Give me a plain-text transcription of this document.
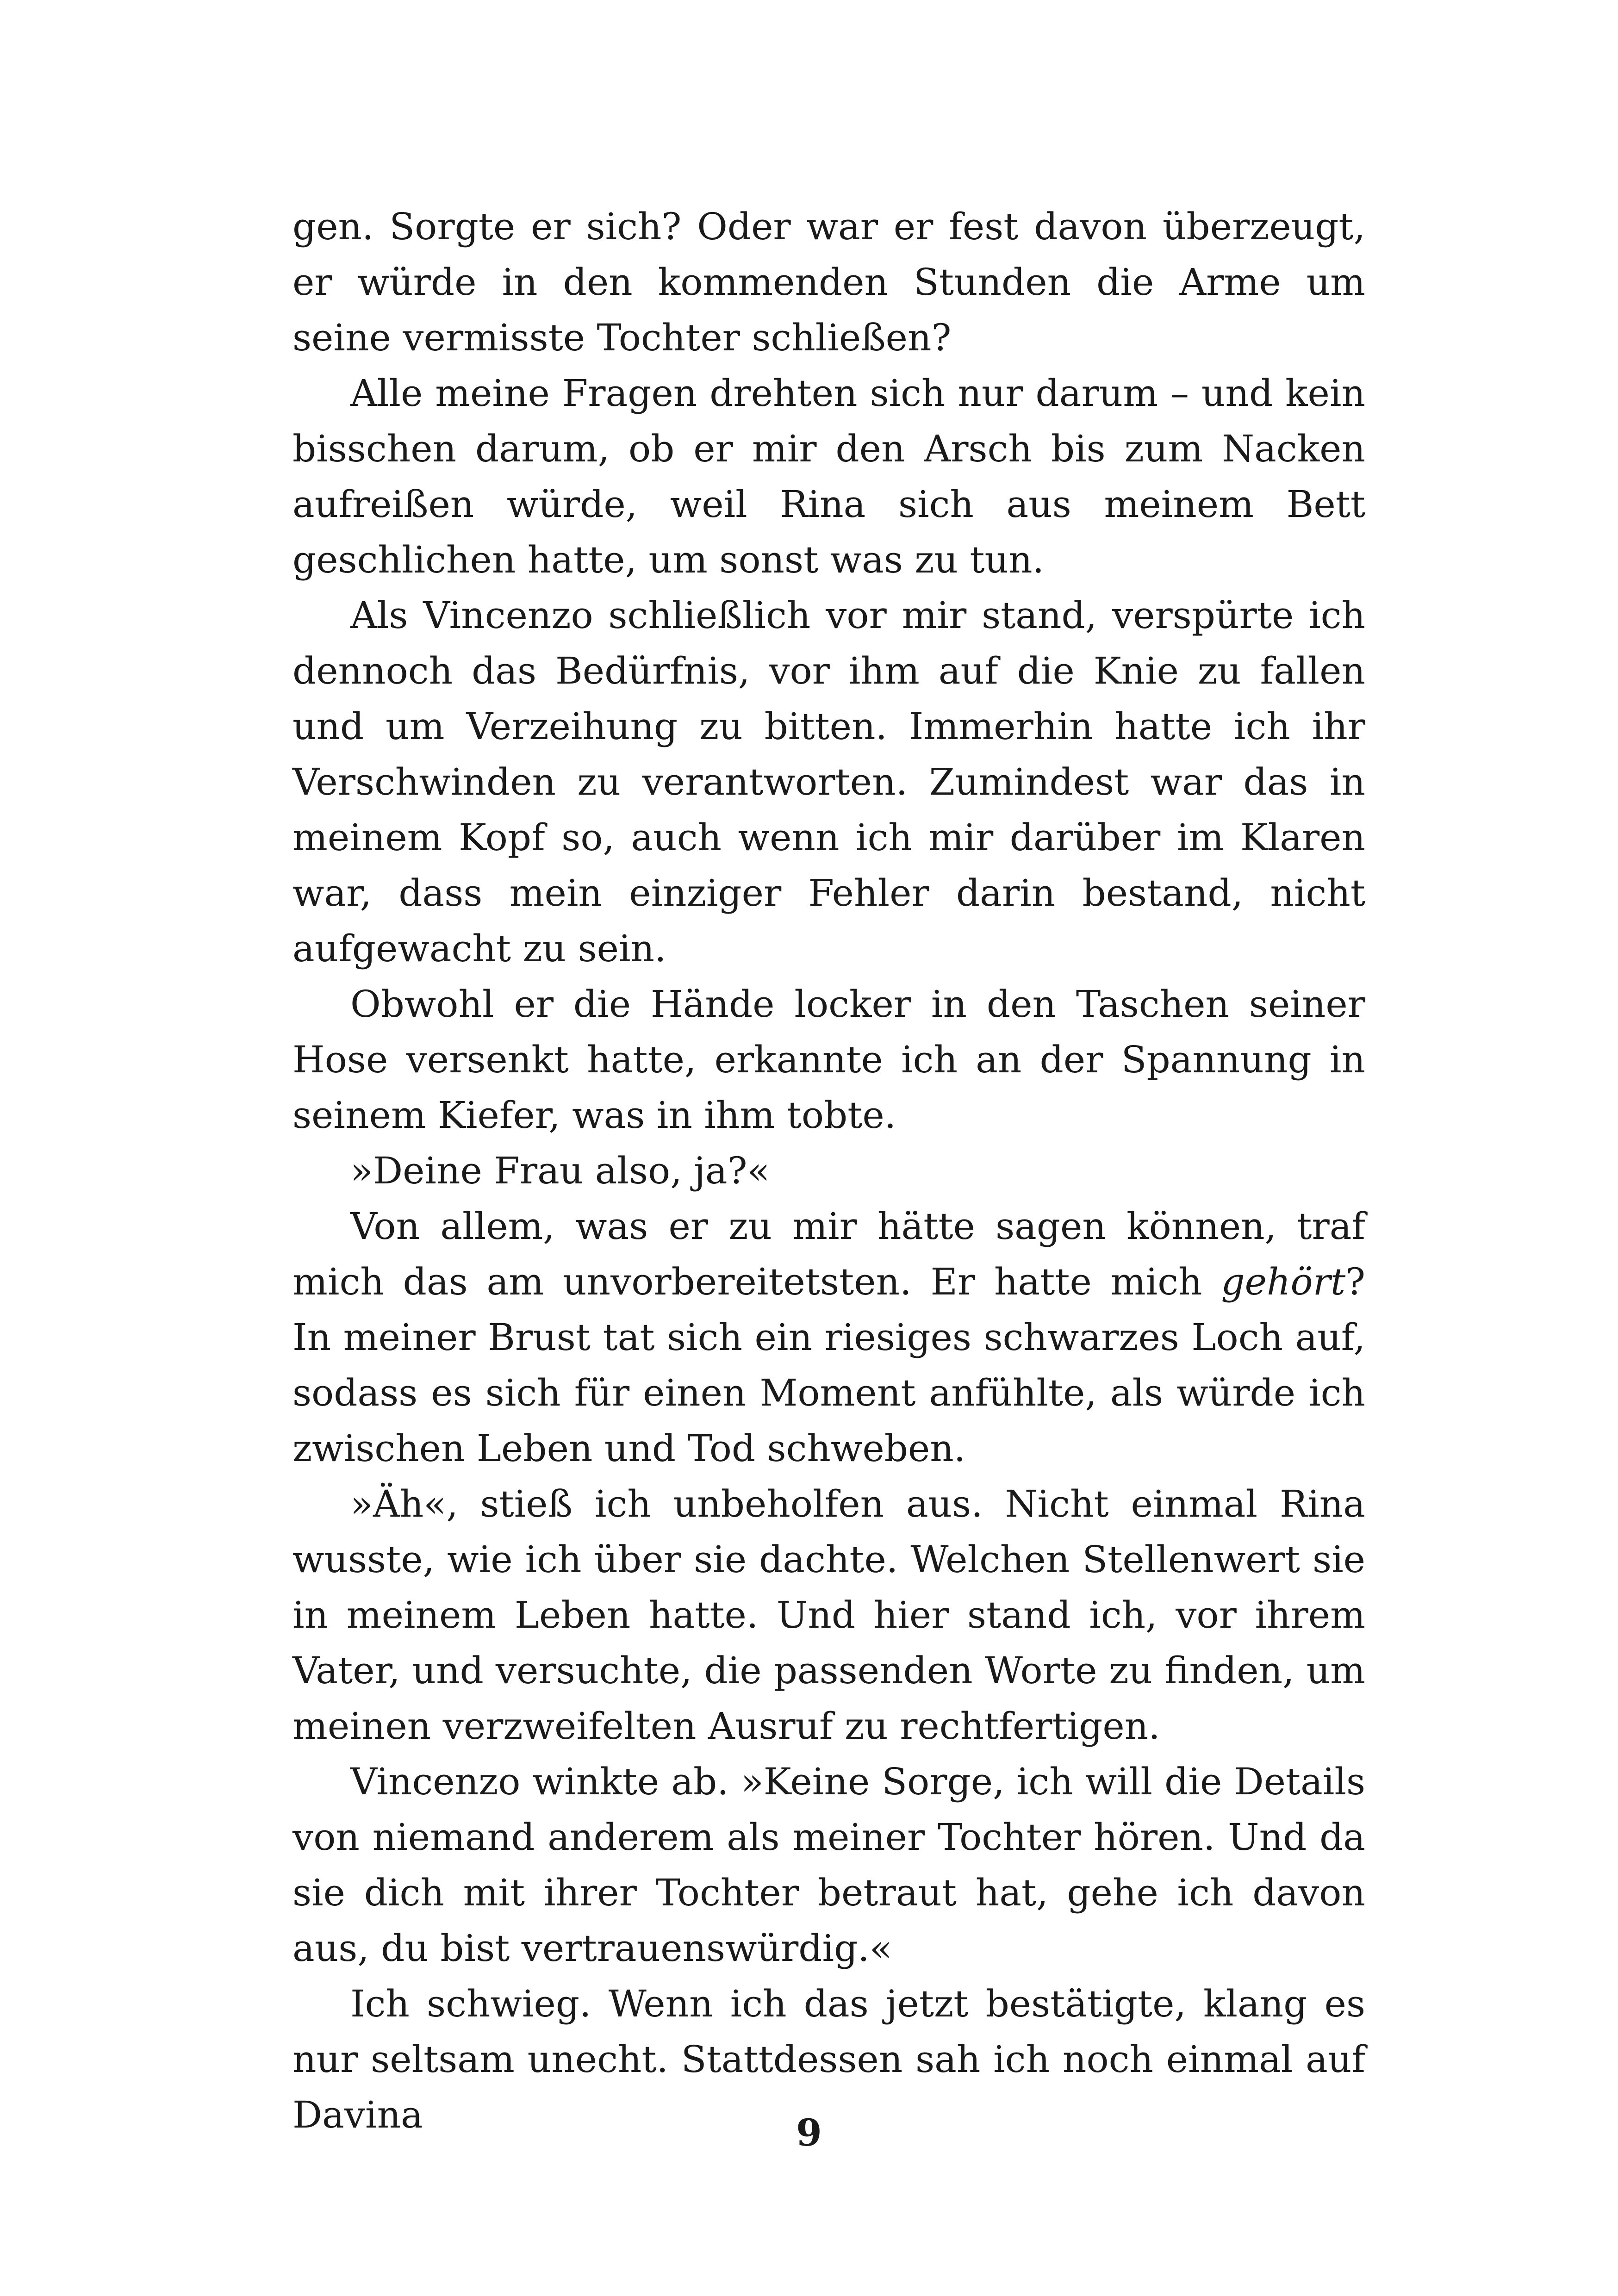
gen. Sorgte er sich? Oder war er fest davon überzeugt, er würde in den kommenden Stunden die Arme um seine vermisste Tochter schließen?

Alle meine Fragen drehten sich nur darum – und kein bisschen darum, ob er mir den Arsch bis zum Nacken aufreißen würde, weil Rina sich aus meinem Bett geschlichen hatte, um sonst was zu tun.

Als Vincenzo schließlich vor mir stand, verspürte ich dennoch das Bedürfnis, vor ihm auf die Knie zu fallen und um Verzeihung zu bitten. Immerhin hatte ich ihr Verschwinden zu verantworten. Zumindest war das in meinem Kopf so, auch wenn ich mir darüber im Klaren war, dass mein einziger Fehler darin bestand, nicht aufgewacht zu sein.

Obwohl er die Hände locker in den Taschen seiner Hose versenkt hatte, erkannte ich an der Spannung in seinem Kiefer, was in ihm tobte.

»Deine Frau also, ja?«

Von allem, was er zu mir hätte sagen können, traf mich das am unvorbereitetsten. Er hatte mich gehört? In meiner Brust tat sich ein riesiges schwarzes Loch auf, sodass es sich für einen Moment anfühlte, als würde ich zwischen Leben und Tod schweben.

»Äh«, stieß ich unbeholfen aus. Nicht einmal Rina wusste, wie ich über sie dachte. Welchen Stellenwert sie in meinem Leben hatte. Und hier stand ich, vor ihrem Vater, und versuchte, die passenden Worte zu finden, um meinen verzweifelten Ausruf zu rechtfertigen.

Vincenzo winkte ab. »Keine Sorge, ich will die Details von niemand anderem als meiner Tochter hören. Und da sie dich mit ihrer Tochter betraut hat, gehe ich davon aus, du bist vertrauenswürdig.«

Ich schwieg. Wenn ich das jetzt bestätigte, klang es nur seltsam unecht. Stattdessen sah ich noch einmal auf Davina	9
